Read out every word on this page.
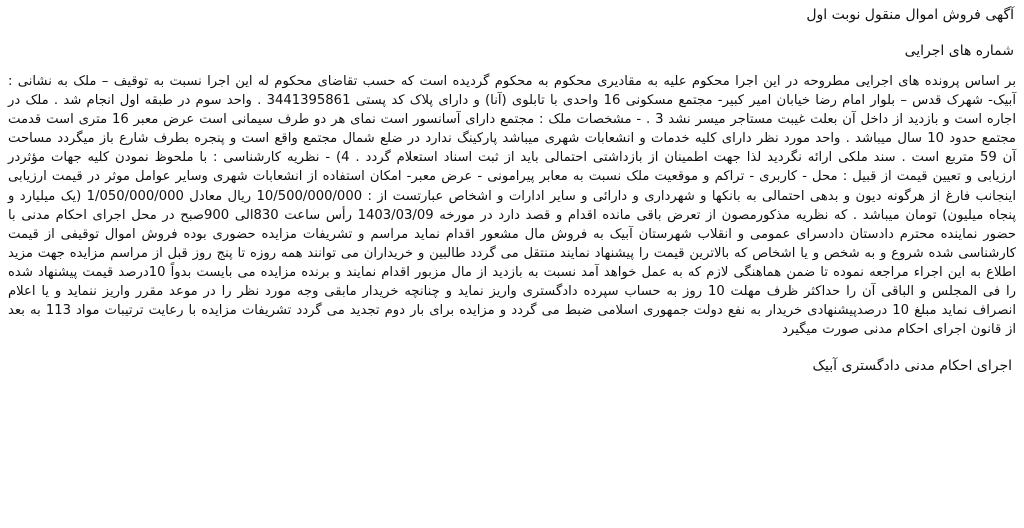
آگهی فروش اموال منقول نوبت اول
شماره های اجرایی

بر اساس پرونده های اجرایی مطروحه در این اجرا محکوم علیه به مقادیری محکوم به محکوم گردیده است که حسب تقاضای محکوم له این اجرا نسبت به توقیف – ملک به نشانی : آبیک- شهرک قدس – بلوار امام رضا خیابان امیر کبیر- مجتمع مسکونی 16 واحدی با تابلوی (آنا) و دارای پلاک کد پستی 3441395861 . واحد سوم در طبقه اول انجام شد . ملک در اجاره است و بازدید از داخل آن بعلت غیبت مستاجر میسر نشد 3 . - مشخصات ملک : مجتمع دارای آسانسور است نمای هر دو طرف سیمانی است عرض معبر 16 متری است قدمت مجتمع حدود 10 سال میباشد . واحد مورد نظر دارای کلیه خدمات و انشعابات شهری میباشد پارکینگ ندارد در ضلع شمال مجتمع واقع است و پنجره بطرف شارع باز میگردد مساحت آن 59 متربع است . سند ملکی ارائه نگردید لذا جهت اطمینان از بازداشتی احتمالی باید از ثبت اسناد استعلام گردد . 4) - نظریه کارشناسی : با ملحوظ نمودن کلیه جهات مؤثردر ارزیابی و تعیین قیمت از قبیل : محل - کاربری - تراکم و موقعیت ملک نسبت به معابر پیرامونی - عرض معبر- امکان استفاده از انشعابات شهری وسایر عوامل موثر در قیمت ارزیابی اینجانب فارغ از هرگونه دیون و بدهی احتمالی به بانکها و شهرداری و دارائی و سایر ادارات و اشخاص عبارتست از : 10/500/000/000 ریال معادل 1/050/000/000 (یک میلیارد و پنجاه میلیون) تومان میباشد . که نظریه مذکورمصون از تعرض باقی مانده اقدام و قصد دارد در مورخه 1403/03/09 رأس ساعت 830الی 900صبح در محل اجرای احکام مدنی با حضور نماینده محترم دادستان دادسرای عمومی و انقلاب شهرستان آبیک به فروش مال مشعور اقدام نماید مراسم و تشریفات مزایده حضوری بوده فروش اموال توقیفی از قیمت کارشناسی شده شروع و به شخص و یا اشخاص که بالاترین قیمت را پیشنهاد نمایند منتقل می گردد طالبین و خریداران می توانند همه روزه تا پنج روز قبل از مراسم مزایده جهت مزید اطلاع به این اجراء مراجعه نموده تا ضمن هماهنگی لازم که به عمل خواهد آمد نسبت به بازدید از مال مزبور اقدام نمایند و برنده مزایده می بایست بدواً 10درصد قیمت پیشنهاد شده را فی المجلس و الباقی آن را حداکثر ظرف مهلت 10 روز به حساب سپرده دادگستری واریز نماید و چنانچه خریدار مابقی وجه مورد نظر را در موعد مقرر واریز ننماید و یا اعلام انصراف نماید مبلغ 10 درصدپیشنهادی خریدار به نفع دولت جمهوری اسلامی ضبط می گردد و مزایده برای بار دوم تجدید می گردد تشریفات مزایده با رعایت ترتیبات مواد 113 به بعد از قانون اجرای احکام مدنی صورت میگیرد

اجرای احکام مدنی دادگستری آبیک
